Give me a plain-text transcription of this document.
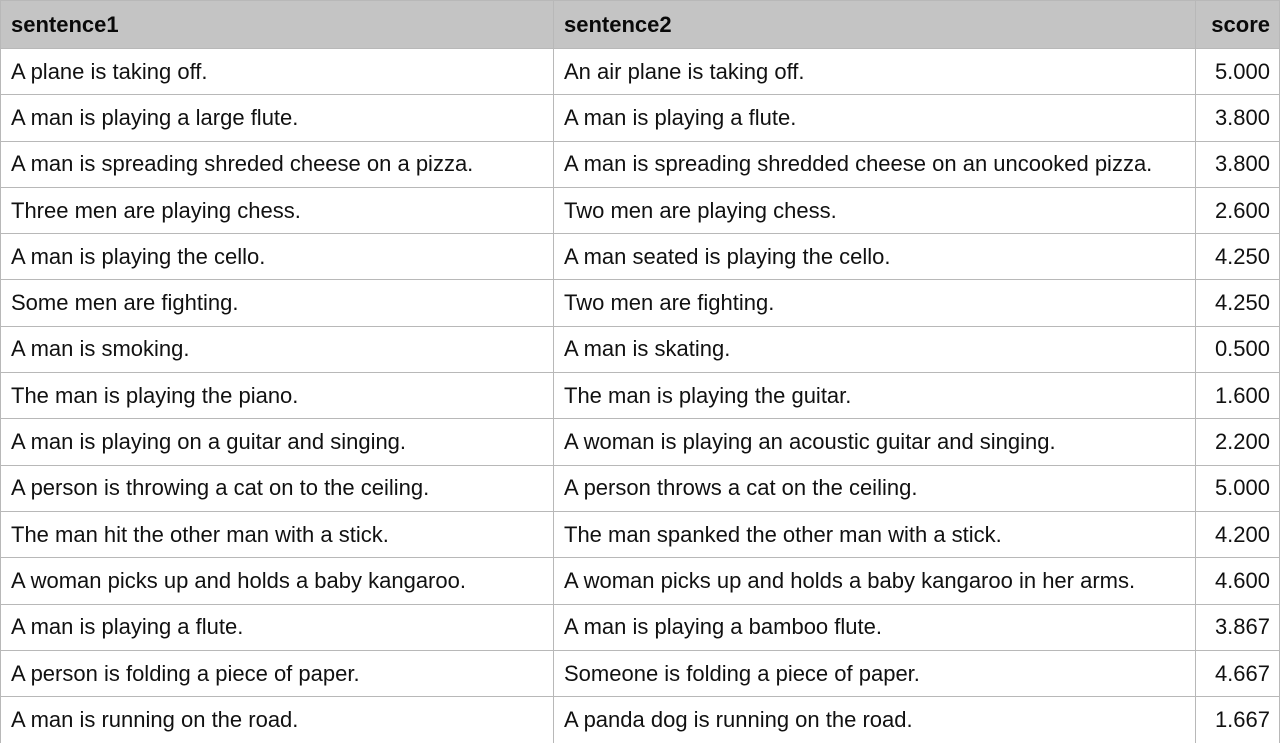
sentence1	sentence2	score
A plane is taking off.	An air plane is taking off.	5.000
A man is playing a large flute.	A man is playing a flute.	3.800
A man is spreading shreded cheese on a pizza.	A man is spreading shredded cheese on an uncooked pizza.	3.800
Three men are playing chess.	Two men are playing chess.	2.600
A man is playing the cello.	A man seated is playing the cello.	4.250
Some men are fighting.	Two men are fighting.	4.250
A man is smoking.	A man is skating.	0.500
The man is playing the piano.	The man is playing the guitar.	1.600
A man is playing on a guitar and singing.	A woman is playing an acoustic guitar and singing.	2.200
A person is throwing a cat on to the ceiling.	A person throws a cat on the ceiling.	5.000
The man hit the other man with a stick.	The man spanked the other man with a stick.	4.200
A woman picks up and holds a baby kangaroo.	A woman picks up and holds a baby kangaroo in her arms.	4.600
A man is playing a flute.	A man is playing a bamboo flute.	3.867
A person is folding a piece of paper.	Someone is folding a piece of paper.	4.667
A man is running on the road.	A panda dog is running on the road.	1.667
